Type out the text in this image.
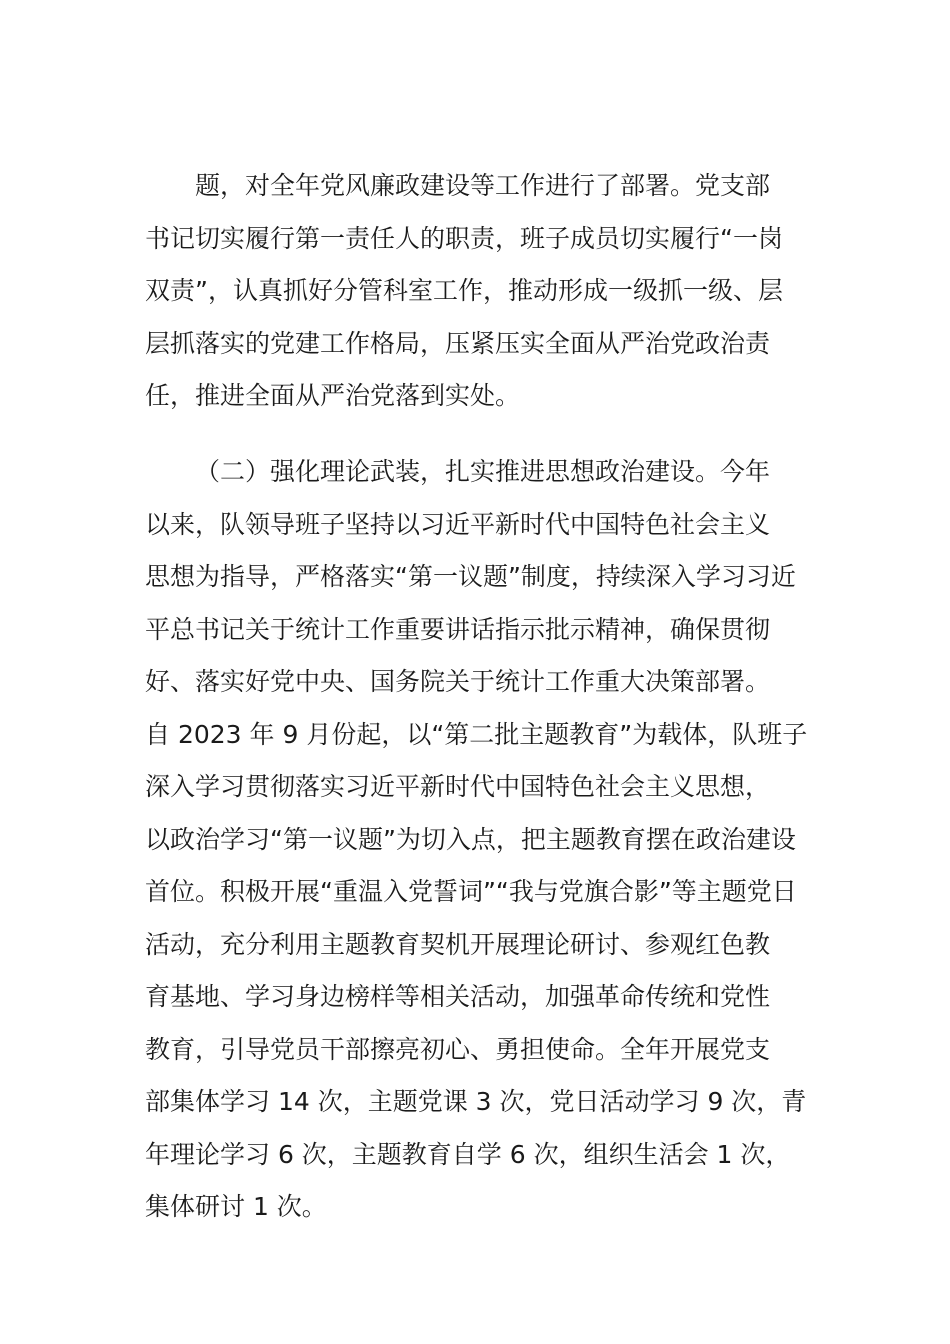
题，对全年党风廉政建设等工作进行了部署。党支部
书记切实履行第一责任人的职责，班子成员切实履行“一岗
双责”，认真抓好分管科室工作，推动形成一级抓一级、层
层抓落实的党建工作格局，压紧压实全面从严治党政治责
任，推进全面从严治党落到实处。
（二）强化理论武装，扎实推进思想政治建设。今年
以来，队领导班子坚持以习近平新时代中国特色社会主义
思想为指导，严格落实“第一议题”制度，持续深入学习习近
平总书记关于统计工作重要讲话指示批示精神，确保贯彻
好、落实好党中央、国务院关于统计工作重大决策部署。
自 2023 年 9 月份起，以“第二批主题教育”为载体，队班子
深入学习贯彻落实习近平新时代中国特色社会主义思想，
以政治学习“第一议题”为切入点，把主题教育摆在政治建设
首位。积极开展“重温入党誓词”“我与党旗合影”等主题党日
活动，充分利用主题教育契机开展理论研讨、参观红色教
育基地、学习身边榜样等相关活动，加强革命传统和党性
教育，引导党员干部擦亮初心、勇担使命。全年开展党支
部集体学习 14 次，主题党课 3 次，党日活动学习 9 次，青
年理论学习 6 次，主题教育自学 6 次，组织生活会 1 次，
集体研讨 1 次。
